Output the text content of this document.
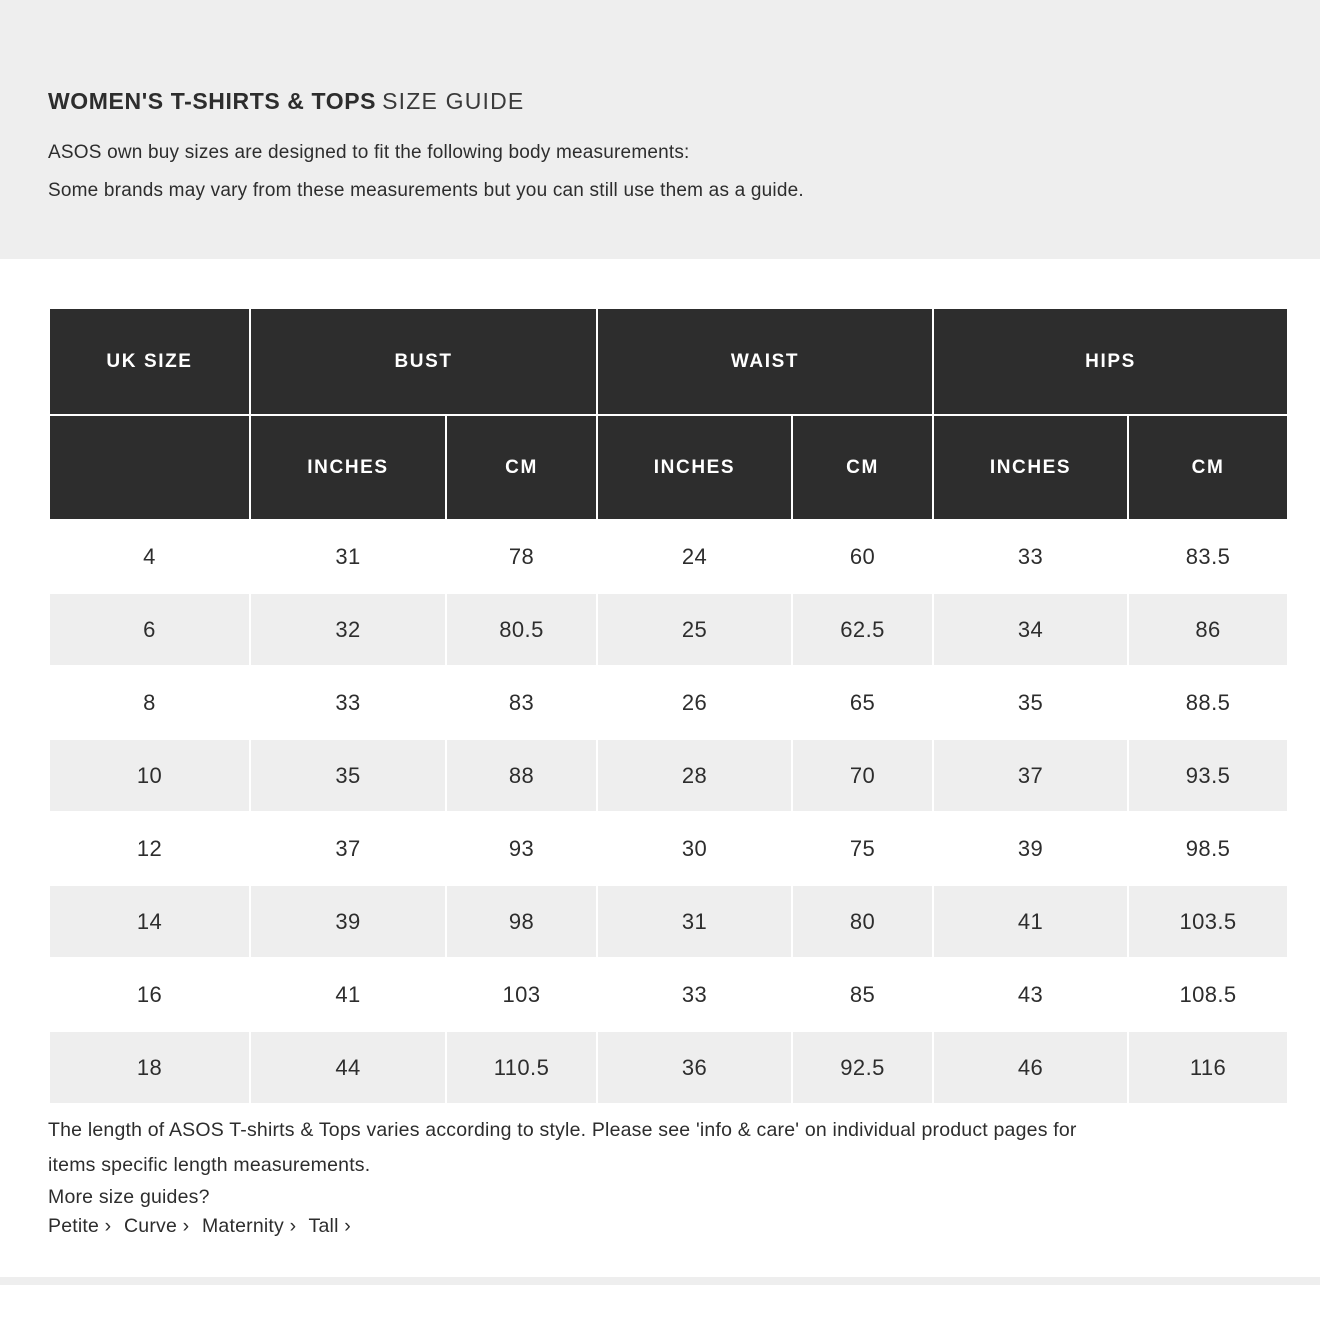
WOMEN'S T-SHIRTS & TOPS SIZE GUIDE
ASOS own buy sizes are designed to fit the following body measurements:
Some brands may vary from these measurements but you can still use them as a guide.
UK SIZE	BUST		WAIST		HIPS	
	INCHES	CM	INCHES	CM	INCHES	CM
4	31	78	24	60	33	83.5
6	32	80.5	25	62.5	34	86
8	33	83	26	65	35	88.5
10	35	88	28	70	37	93.5
12	37	93	30	75	39	98.5
14	39	98	31	80	41	103.5
16	41	103	33	85	43	108.5
18	44	110.5	36	92.5	46	116
The length of ASOS T-shirts & Tops varies according to style. Please see 'info & care' on individual product pages for
items specific length measurements.
More size guides?
Petite › Curve › Maternity › Tall ›
